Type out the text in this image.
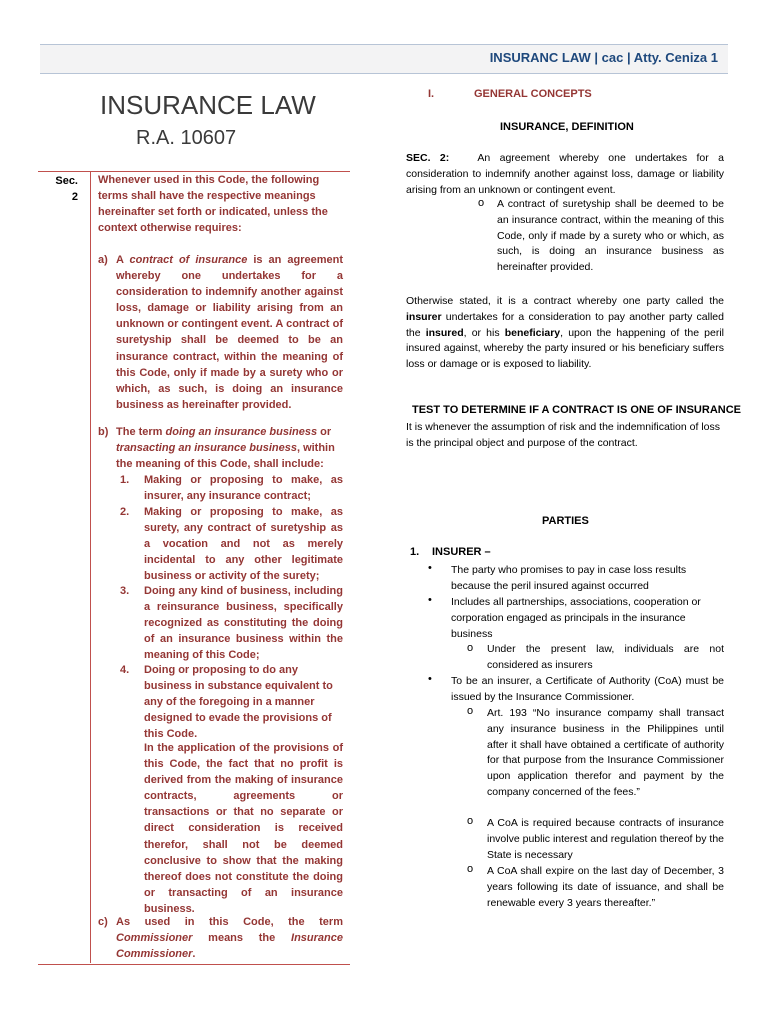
INSURANC LAW | cac | Atty. Ceniza 1
INSURANCE LAW
R.A. 10607
Sec.
2
Whenever used in this Code, the following terms shall have the respective meanings hereinafter set forth or indicated, unless the context otherwise requires:
a) A contract of insurance is an agreement whereby one undertakes for a consideration to indemnify another against loss, damage or liability arising from an unknown or contingent event. A contract of suretyship shall be deemed to be an insurance contract, within the meaning of this Code, only if made by a surety who or which, as such, is doing an insurance business as hereinafter provided.
b) The term doing an insurance business or transacting an insurance business, within the meaning of this Code, shall include:
1. Making or proposing to make, as insurer, any insurance contract;
2. Making or proposing to make, as surety, any contract of suretyship as a vocation and not as merely incidental to any other legitimate business or activity of the surety;
3. Doing any kind of business, including a reinsurance business, specifically recognized as constituting the doing of an insurance business within the meaning of this Code;
4. Doing or proposing to do any business in substance equivalent to any of the foregoing in a manner designed to evade the provisions of this Code.
In the application of the provisions of this Code, the fact that no profit is derived from the making of insurance contracts, agreements or transactions or that no separate or direct consideration is received therefor, shall not be deemed conclusive to show that the making thereof does not constitute the doing or transacting of an insurance business.
c) As used in this Code, the term Commissioner means the Insurance Commissioner.
I.	GENERAL CONCEPTS
INSURANCE, DEFINITION
SEC. 2:	An agreement whereby one undertakes for a consideration to indemnify another against loss, damage or liability arising from an unknown or contingent event.
o A contract of suretyship shall be deemed to be an insurance contract, within the meaning of this Code, only if made by a surety who or which, as such, is doing an insurance business as hereinafter provided.
Otherwise stated, it is a contract whereby one party called the insurer undertakes for a consideration to pay another party called the insured, or his beneficiary, upon the happening of the peril insured against, whereby the party insured or his beneficiary suffers loss or damage or is exposed to liability.
TEST TO DETERMINE IF A CONTRACT IS ONE OF INSURANCE
It is whenever the assumption of risk and the indemnification of loss is the principal object and purpose of the contract.
PARTIES
1. INSURER –
• The party who promises to pay in case loss results because the peril insured against occurred
• Includes all partnerships, associations, cooperation or corporation engaged as principals in the insurance business
o Under the present law, individuals are not considered as insurers
• To be an insurer, a Certificate of Authority (CoA) must be issued by the Insurance Commissioner.
o Art. 193 “No insurance compamy shall transact any insurance business in the Philippines until after it shall have obtained a certificate of authority for that purpose from the Insurance Commissioner upon application therefor and payment by the company concerned of the fees.”
o A CoA is required because contracts of insurance involve public interest and regulation thereof by the State is necessary
o A CoA shall expire on the last day of December, 3 years following its date of issuance, and shall be renewable every 3 years thereafter.”
